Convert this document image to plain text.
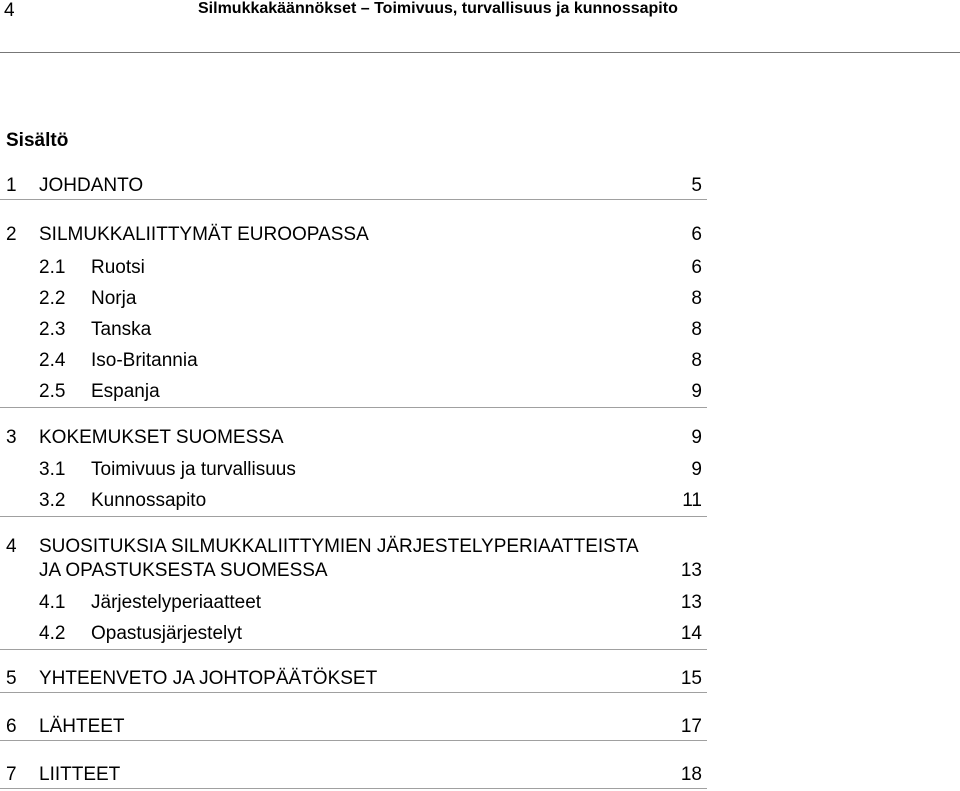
4	Silmukkakäännökset – Toimivuus, turvallisuus ja kunnossapito
Sisältö
1 JOHDANTO	5
2 SILMUKKALIITTYMÄT EUROOPASSA	6
2.1 Ruotsi	6
2.2 Norja	8
2.3 Tanska	8
2.4 Iso-Britannia	8
2.5 Espanja	9
3 KOKEMUKSET SUOMESSA	9
3.1 Toimivuus ja turvallisuus	9
3.2 Kunnossapito	11
4 SUOSITUKSIA SILMUKKALIITTYMIEN JÄRJESTELYPERIAATTEISTA
JA OPASTUKSESTA SUOMESSA	13
4.1 Järjestelyperiaatteet	13
4.2 Opastusjärjestelyt	14
5 YHTEENVETO JA JOHTOPÄÄTÖKSET	15
6 LÄHTEET	17
7 LIITTEET	18
